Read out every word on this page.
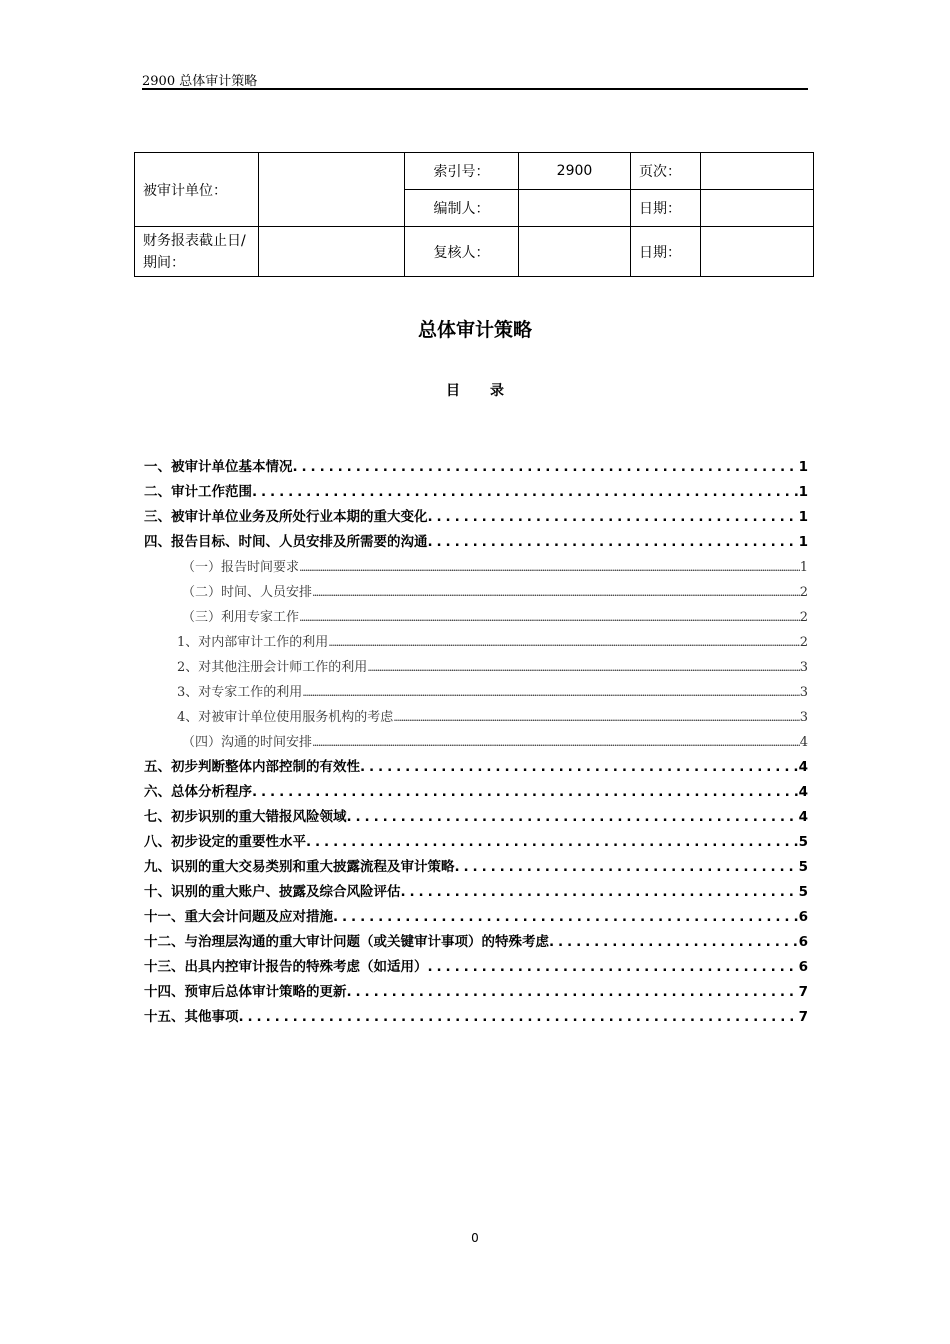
2900 总体审计策略
被审计单位：		索引号：	2900	页次：	
		编制人：		日期：	
财务报表截止日/期间：		复核人：		日期：	
总体审计策略
目 录
一、被审计单位基本情况 . . .	1
二、审计工作范围 . . .	1
三、被审计单位业务及所处行业本期的重大变化 . . .	1
四、报告目标、时间、人员安排及所需要的沟通 . . .	1
（一）报告时间要求 .....	1
（二）时间、人员安排 .....	2
（三）利用专家工作 .....	2
1、对内部审计工作的利用 .....	2
2、对其他注册会计师工作的利用 .....	3
3、对专家工作的利用 .....	3
4、对被审计单位使用服务机构的考虑 .....	3
（四）沟通的时间安排 .....	4
五、初步判断整体内部控制的有效性 . . .	4
六、总体分析程序 . . .	4
七、初步识别的重大错报风险领域 . . .	4
八、初步设定的重要性水平 . . .	5
九、识别的重大交易类别和重大披露流程及审计策略 . . .	5
十、识别的重大账户、披露及综合风险评估 . . .	5
十一、重大会计问题及应对措施 . . .	6
十二、与治理层沟通的重大审计问题（或关键审计事项）的特殊考虑 . . .	6
十三、出具内控审计报告的特殊考虑（如适用） . . .	6
十四、预审后总体审计策略的更新 . . .	7
十五、其他事项 . . .	7
0
